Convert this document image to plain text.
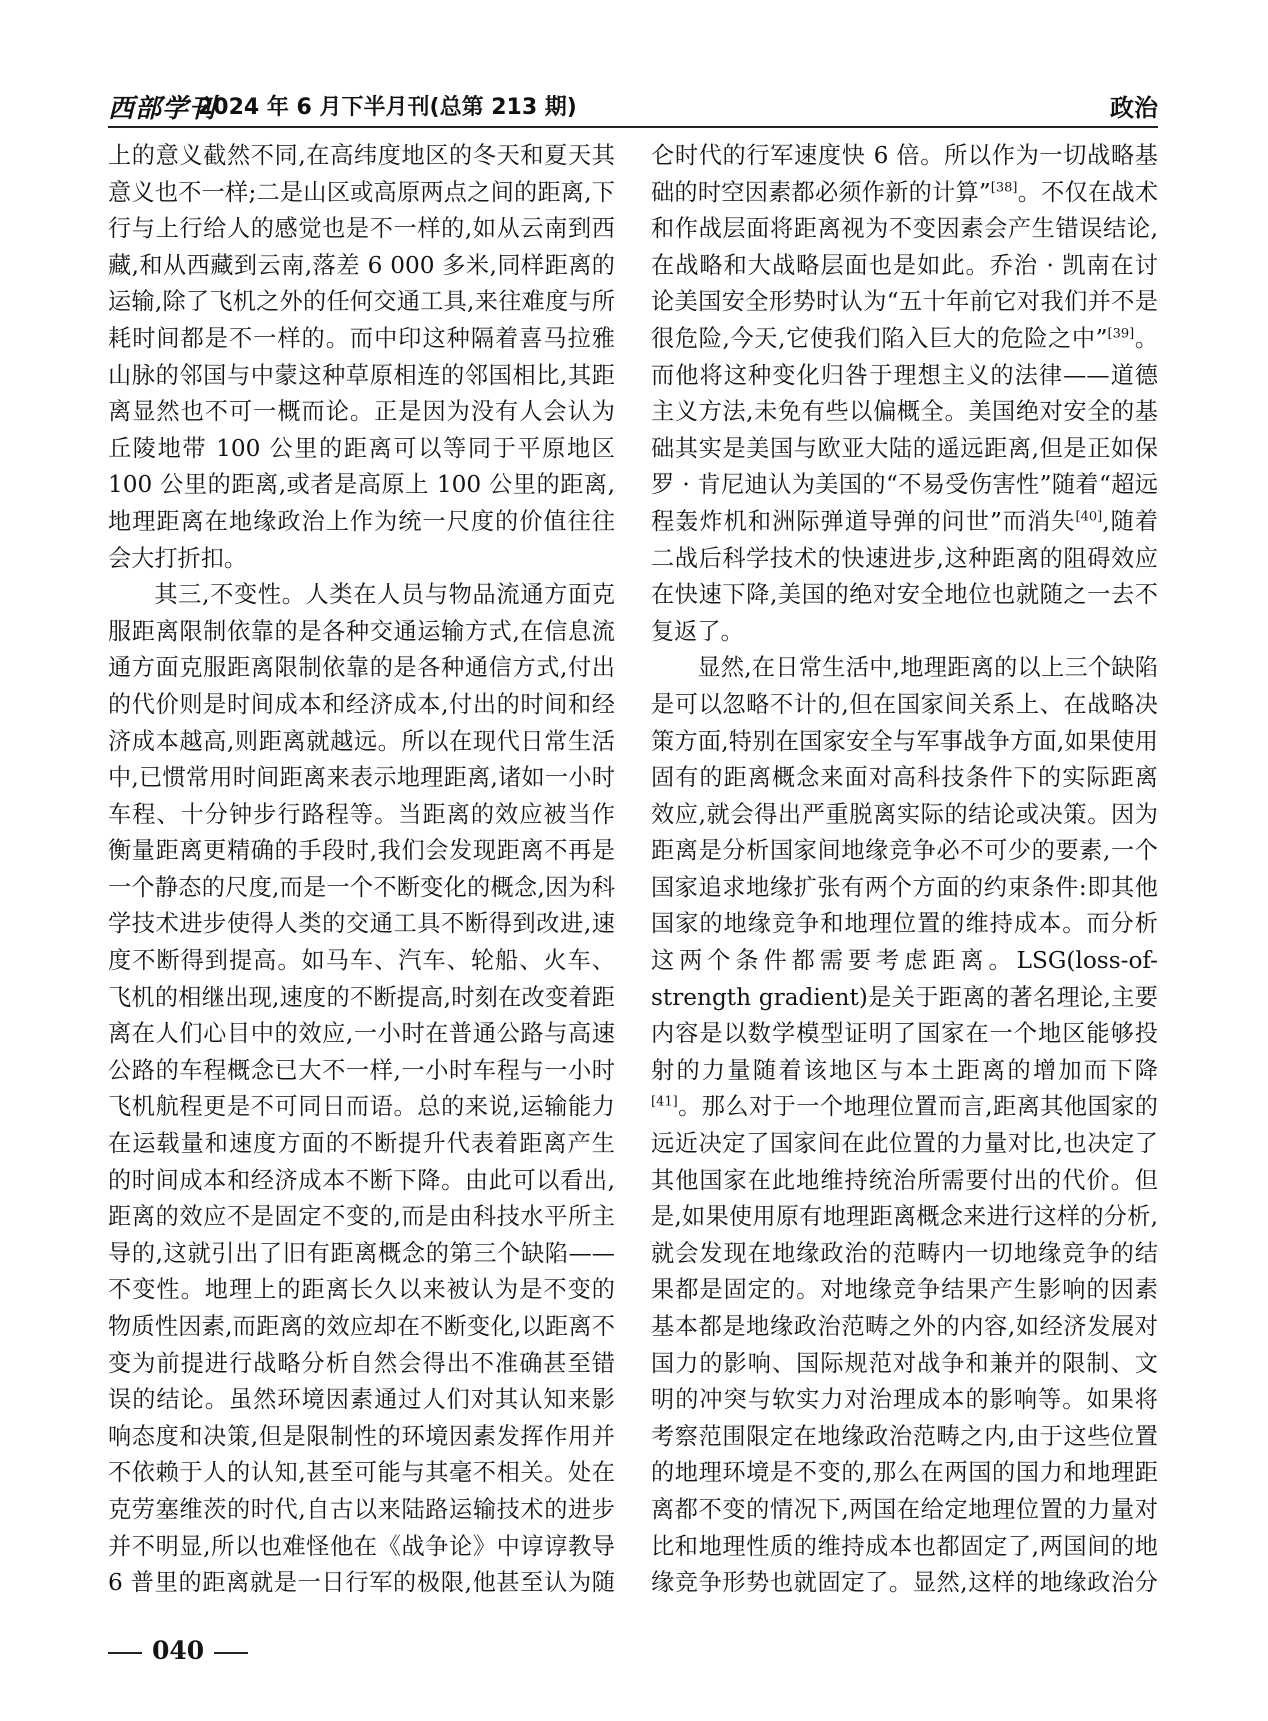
西部学刊
2024 年 6 月下半月刊(总第 213 期)	政治

上的意义截然不同,在高纬度地区的冬天和夏天其意义也不一样;二是山区或高原两点之间的距离,下行与上行给人的感觉也是不一样的,如从云南到西藏,和从西藏到云南,落差 6 000 多米,同样距离的运输,除了飞机之外的任何交通工具,来往难度与所耗时间都是不一样的。而中印这种隔着喜马拉雅山脉的邻国与中蒙这种草原相连的邻国相比,其距离显然也不可一概而论。正是因为没有人会认为丘陵地带 100 公里的距离可以等同于平原地区 100 公里的距离,或者是高原上 100 公里的距离,地理距离在地缘政治上作为统一尺度的价值往往会大打折扣。

其三,不变性。人类在人员与物品流通方面克服距离限制依靠的是各种交通运输方式,在信息流通方面克服距离限制依靠的是各种通信方式,付出的代价则是时间成本和经济成本,付出的时间和经济成本越高,则距离就越远。所以在现代日常生活中,已惯常用时间距离来表示地理距离,诸如一小时车程、十分钟步行路程等。当距离的效应被当作衡量距离更精确的手段时,我们会发现距离不再是一个静态的尺度,而是一个不断变化的概念,因为科学技术进步使得人类的交通工具不断得到改进,速度不断得到提高。如马车、汽车、轮船、火车、飞机的相继出现,速度的不断提高,时刻在改变着距离在人们心目中的效应,一小时在普通公路与高速公路的车程概念已大不一样,一小时车程与一小时飞机航程更是不可同日而语。总的来说,运输能力在运载量和速度方面的不断提升代表着距离产生的时间成本和经济成本不断下降。由此可以看出,距离的效应不是固定不变的,而是由科技水平所主导的,这就引出了旧有距离概念的第三个缺陷——不变性。地理上的距离长久以来被认为是不变的物质性因素,而距离的效应却在不断变化,以距离不变为前提进行战略分析自然会得出不准确甚至错误的结论。虽然环境因素通过人们对其认知来影响态度和决策,但是限制性的环境因素发挥作用并不依赖于人的认知,甚至可能与其毫不相关。处在克劳塞维茨的时代,自古以来陆路运输技术的进步并不明显,所以也难怪他在《战争论》中谆谆教导 6 普里的距离就是一日行军的极限,他甚至认为随

仑时代的行军速度快 6 倍。所以作为一切战略基础的时空因素都必须作新的计算”[38]。不仅在战术和作战层面将距离视为不变因素会产生错误结论,在战略和大战略层面也是如此。乔治 · 凯南在讨论美国安全形势时认为“五十年前它对我们并不是很危险,今天,它使我们陷入巨大的危险之中”[39]。而他将这种变化归咎于理想主义的法律——道德主义方法,未免有些以偏概全。美国绝对安全的基础其实是美国与欧亚大陆的遥远距离,但是正如保罗 · 肯尼迪认为美国的“不易受伤害性”随着“超远程轰炸机和洲际弹道导弹的问世”而消失[40],随着二战后科学技术的快速进步,这种距离的阻碍效应在快速下降,美国的绝对安全地位也就随之一去不复返了。

显然,在日常生活中,地理距离的以上三个缺陷是可以忽略不计的,但在国家间关系上、在战略决策方面,特别在国家安全与军事战争方面,如果使用固有的距离概念来面对高科技条件下的实际距离效应,就会得出严重脱离实际的结论或决策。因为距离是分析国家间地缘竞争必不可少的要素,一个国家追求地缘扩张有两个方面的约束条件:即其他国家的地缘竞争和地理位置的维持成本。而分析这两个条件都需要考虑距离。LSG(loss-of-strength gradient)是关于距离的著名理论,主要内容是以数学模型证明了国家在一个地区能够投射的力量随着该地区与本土距离的增加而下降[41]。那么对于一个地理位置而言,距离其他国家的远近决定了国家间在此位置的力量对比,也决定了其他国家在此地维持统治所需要付出的代价。但是,如果使用原有地理距离概念来进行这样的分析,就会发现在地缘政治的范畴内一切地缘竞争的结果都是固定的。对地缘竞争结果产生影响的因素基本都是地缘政治范畴之外的内容,如经济发展对国力的影响、国际规范对战争和兼并的限制、文明的冲突与软实力对治理成本的影响等。如果将考察范围限定在地缘政治范畴之内,由于这些位置的地理环境是不变的,那么在两国的国力和地理距离都不变的情况下,两国在给定地理位置的力量对比和地理性质的维持成本也都固定了,两国间的地缘竞争形势也就固定了。显然,这样的地缘政治分

040
